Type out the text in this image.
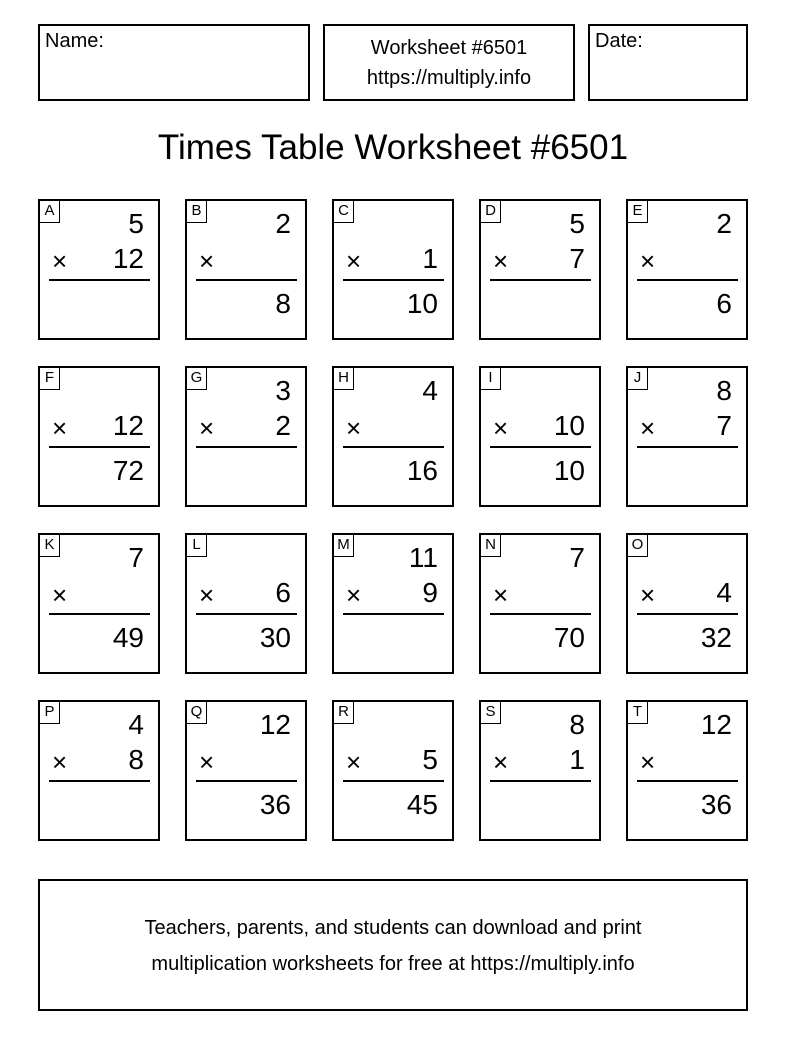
Name:	Worksheet #6501
https://multiply.info
Date:
Times Table Worksheet #6501
A	5
× 12
B	2
×
8
C
× 1
10
D	5
× 7
E	2
×
6
F
× 12
72
G	3
× 2
H	4
×
16
I
× 10
10
J	8
× 7
K	7
×
49
L
× 6
30
M 11
× 9
N	7
×
70
O
× 4
32
P	4
× 8
Q 12
×
36
R
× 5
45
S	8
× 1
T 12
×
36
Teachers, parents, and students can download and print
multiplication worksheets for free at https://multiply.info
